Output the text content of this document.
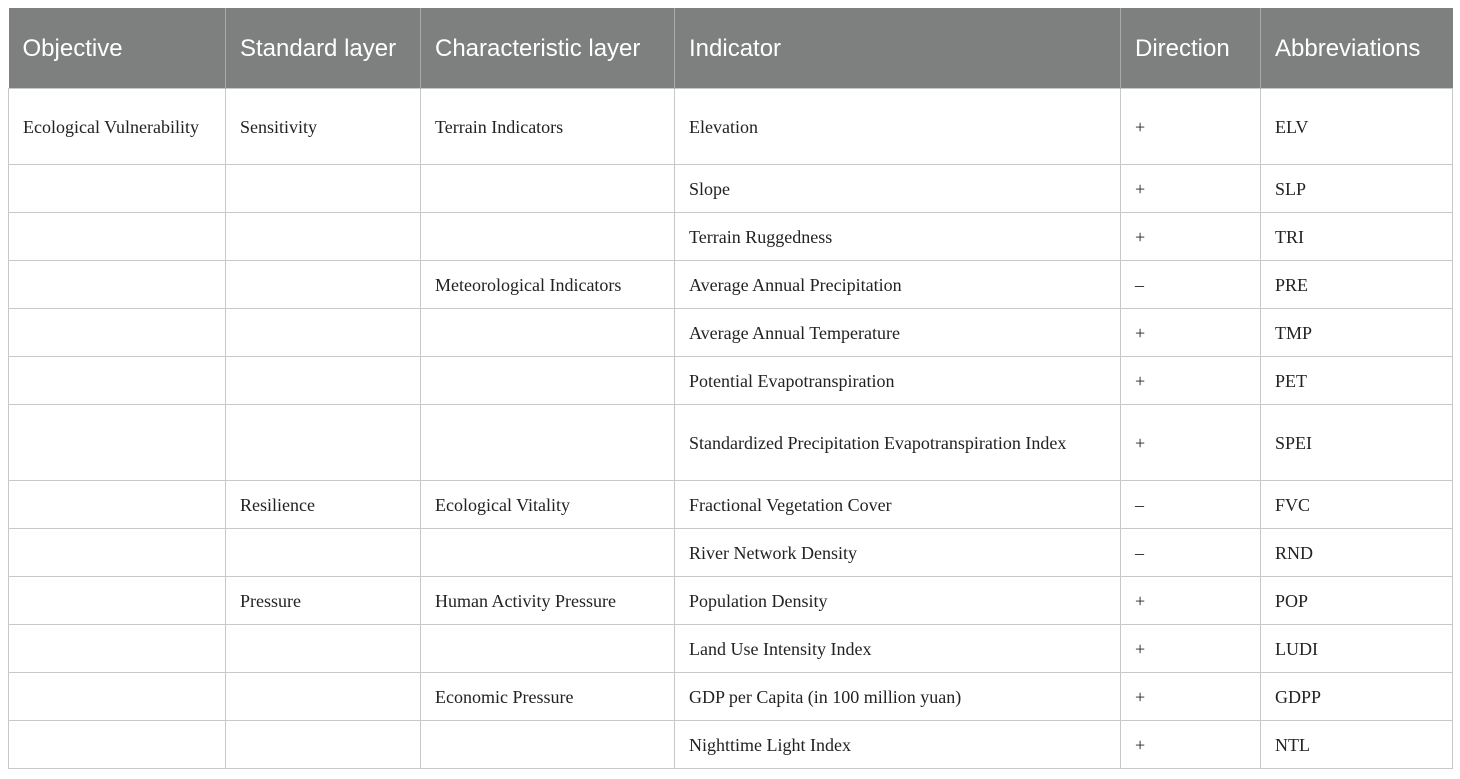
Objective	Standard layer	Characteristic layer	Indicator	Direction	Abbreviations
Ecological Vulnerability	Sensitivity	Terrain Indicators	Elevation	+	ELV
			Slope	+	SLP
			Terrain Ruggedness	+	TRI
		Meteorological Indicators	Average Annual Precipitation	–	PRE
			Average Annual Temperature	+	TMP
			Potential Evapotranspiration	+	PET
			Standardized Precipitation Evapotranspiration Index	+	SPEI
	Resilience	Ecological Vitality	Fractional Vegetation Cover	–	FVC
			River Network Density	–	RND
	Pressure	Human Activity Pressure	Population Density	+	POP
			Land Use Intensity Index	+	LUDI
		Economic Pressure	GDP per Capita (in 100 million yuan)	+	GDPP
			Nighttime Light Index	+	NTL
